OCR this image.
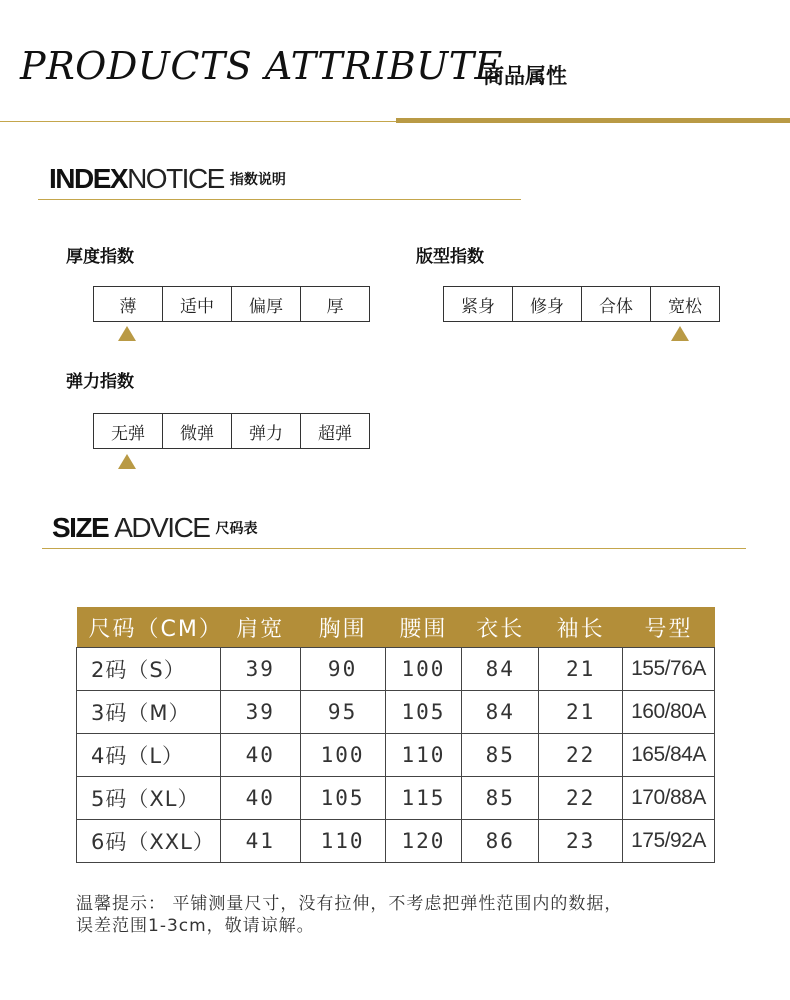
PRODUCTS ATTRIBUTE
商品属性
INDEXNOTICE 指数说明
厚度指数
薄	适中	偏厚	厚
版型指数
紧身	修身	合体	宽松
弹力指数
无弹	微弹	弹力	超弹
SIZE ADVICE 尺码表
尺码（CM）	肩宽	胸围	腰围	衣长	袖长	号型
2码（S）	39	90	100	84	21	155/76A
3码（M）	39	95	105	84	21	160/80A
4码（L）	40	100	110	85	22	165/84A
5码（XL）	40	105	115	85	22	170/88A
6码（XXL）	41	110	120	86	23	175/92A
温馨提示： 平铺测量尺寸，没有拉伸，不考虑把弹性范围内的数据，
误差范围1-3cm，敬请谅解。
